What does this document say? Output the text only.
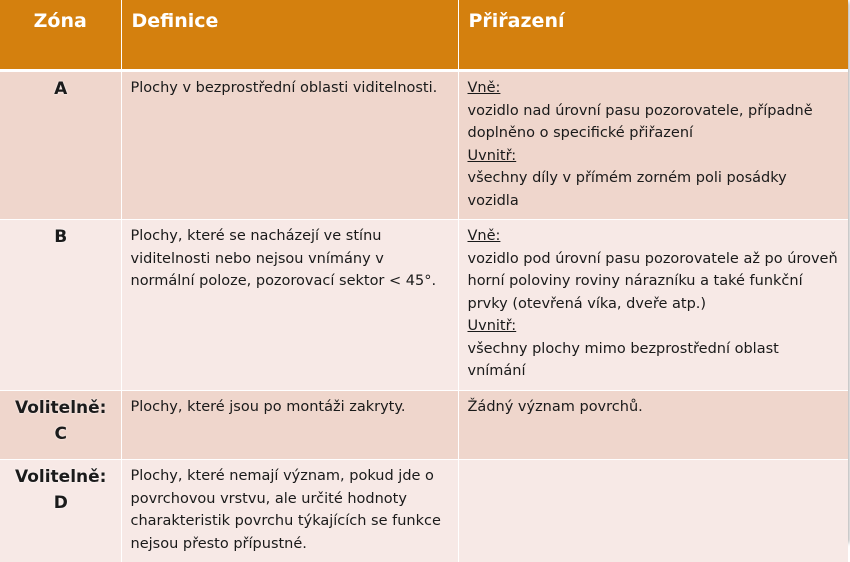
Zóna	Definice	Přiřazení

A	Plochy v bezprostřední oblasti viditelnosti.	Vně:
vozidlo nad úrovní pasu pozorovatele, případně doplněno o specifické přiřazení
Uvnitř:
všechny díly v přímém zorném poli posádky vozidla

B	Plochy, které se nacházejí ve stínu viditelnosti nebo nejsou vnímány v normální poloze, pozorovací sektor < 45°.	Vně:
vozidlo pod úrovní pasu pozorovatele až po úroveň horní poloviny roviny nárazníku a také funkční prvky (otevřená víka, dveře atp.)
Uvnitř:
všechny plochy mimo bezprostřední oblast vnímání

Volitelně:
C	Plochy, které jsou po montáži zakryty.	Žádný význam povrchů.

Volitelně:
D	Plochy, které nemají význam, pokud jde o povrchovou vrstvu, ale určité hodnoty charakteristik povrchu týkajících se funkce nejsou přesto přípustné.	
